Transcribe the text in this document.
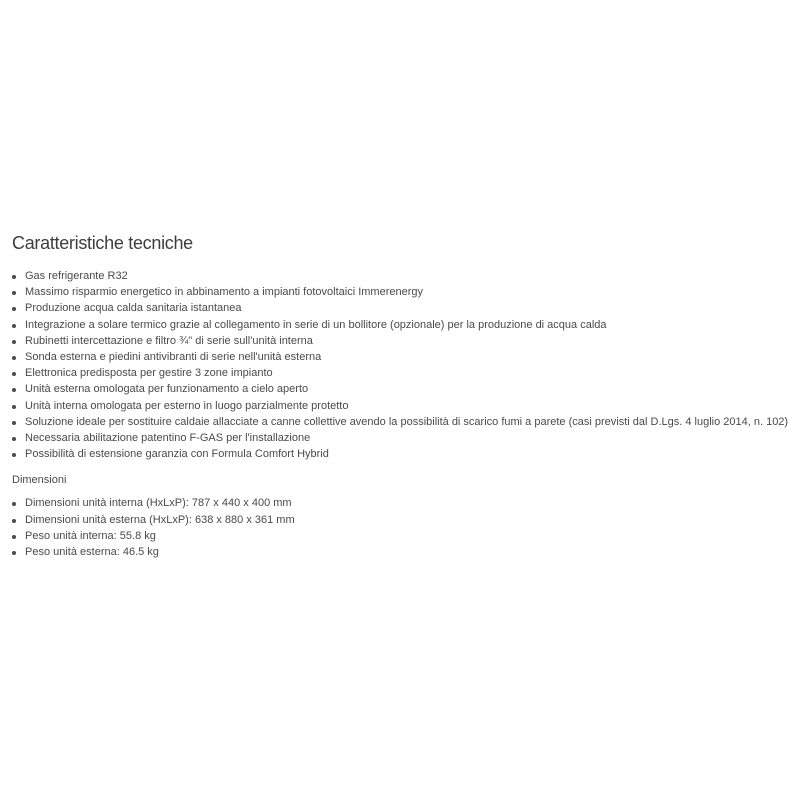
Caratteristiche tecniche
Gas refrigerante R32
Massimo risparmio energetico in abbinamento a impianti fotovoltaici Immerenergy
Produzione acqua calda sanitaria istantanea
Integrazione a solare termico grazie al collegamento in serie di un bollitore (opzionale) per la produzione di acqua calda
Rubinetti intercettazione e filtro ¾" di serie sull'unità interna
Sonda esterna e piedini antivibranti di serie nell'unità esterna
Elettronica predisposta per gestire 3 zone impianto
Unità esterna omologata per funzionamento a cielo aperto
Unità interna omologata per esterno in luogo parzialmente protetto
Soluzione ideale per sostituire caldaie allacciate a canne collettive avendo la possibilità di scarico fumi a parete (casi previsti dal D.Lgs. 4 luglio 2014, n. 102)
Necessaria abilitazione patentino F-GAS per l'installazione
Possibilità di estensione garanzia con Formula Comfort Hybrid
Dimensioni
Dimensioni unità interna (HxLxP): 787 x 440 x 400 mm
Dimensioni unità esterna (HxLxP): 638 x 880 x 361 mm
Peso unità interna: 55.8 kg
Peso unità esterna: 46.5 kg
